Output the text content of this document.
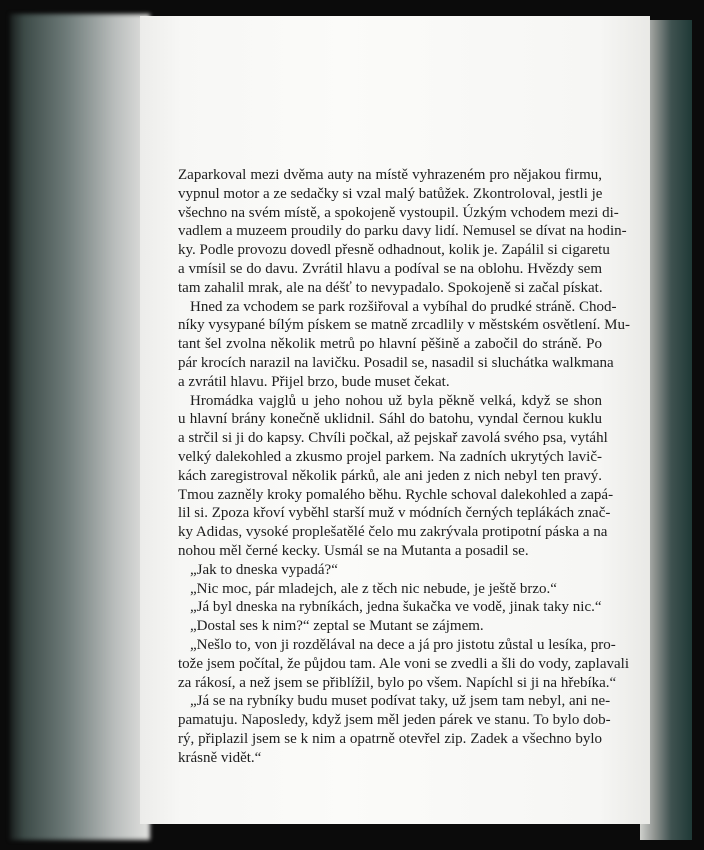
Zaparkoval mezi dvěma auty na místě vyhrazeném pro nějakou firmu,
vypnul motor a ze sedačky si vzal malý batůžek. Zkontroloval, jestli je
všechno na svém místě, a spokojeně vystoupil. Úzkým vchodem mezi di-
vadlem a muzeem proudily do parku davy lidí. Nemusel se dívat na hodin-
ky. Podle provozu dovedl přesně odhadnout, kolik je. Zapálil si cigaretu
a vmísil se do davu. Zvrátil hlavu a podíval se na oblohu. Hvězdy sem
tam zahalil mrak, ale na déšť to nevypadalo. Spokojeně si začal pískat.
Hned za vchodem se park rozšiřoval a vybíhal do prudké stráně. Chod-
níky vysypané bílým pískem se matně zrcadlily v městském osvětlení. Mu-
tant šel zvolna několik metrů po hlavní pěšině a zabočil do stráně. Po
pár krocích narazil na lavičku. Posadil se, nasadil si sluchátka walkmana
a zvrátil hlavu. Přijel brzo, bude muset čekat.
Hromádka vajglů u jeho nohou už byla pěkně velká, když se shon
u hlavní brány konečně uklidnil. Sáhl do batohu, vyndal černou kuklu
a strčil si ji do kapsy. Chvíli počkal, až pejskař zavolá svého psa, vytáhl
velký dalekohled a zkusmo projel parkem. Na zadních ukrytých lavič-
kách zaregistroval několik párků, ale ani jeden z nich nebyl ten pravý.
Tmou zazněly kroky pomalého běhu. Rychle schoval dalekohled a zapá-
lil si. Zpoza křoví vyběhl starší muž v módních černých teplákách znač-
ky Adidas, vysoké proplešatělé čelo mu zakrývala protipotní páska a na
nohou měl černé kecky. Usmál se na Mutanta a posadil se.
„Jak to dneska vypadá?“
„Nic moc, pár mladejch, ale z těch nic nebude, je ještě brzo.“
„Já byl dneska na rybníkách, jedna šukačka ve vodě, jinak taky nic.“
„Dostal ses k nim?“ zeptal se Mutant se zájmem.
„Nešlo to, von ji rozdělával na dece a já pro jistotu zůstal u lesíka, pro-
tože jsem počítal, že půjdou tam. Ale voni se zvedli a šli do vody, zaplavali
za rákosí, a než jsem se přiblížil, bylo po všem. Napíchl si ji na hřebíka.“
„Já se na rybníky budu muset podívat taky, už jsem tam nebyl, ani ne-
pamatuju. Naposledy, když jsem měl jeden párek ve stanu. To bylo dob-
rý, připlazil jsem se k nim a opatrně otevřel zip. Zadek a všechno bylo
krásně vidět.“
